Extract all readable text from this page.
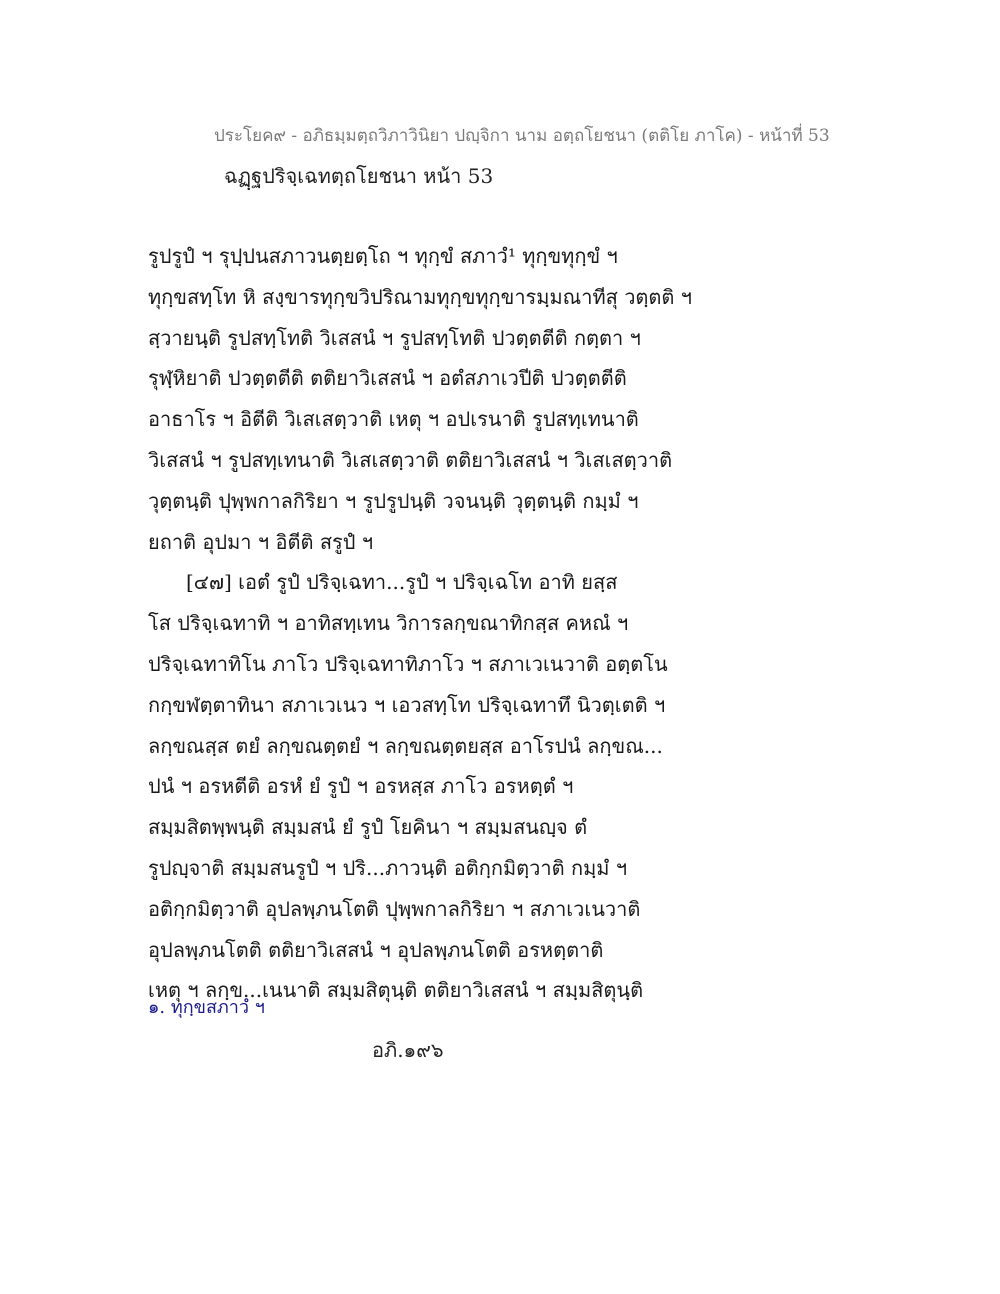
ประโยค๙ - อภิธมฺมตฺถวิภาวินิยา ปญฺจิกา นาม อตฺถโยชนา (ตติโย ภาโค) - หน้าที่ 53
ฉฏฺฐปริจฺเฉทตฺถโยชนา หน้า 53
รูปรูปํ ฯ รุปฺปนสภาวนตฺยตฺโถ ฯ ทุกฺขํ สภาวํ¹ ทุกฺขทุกฺขํ ฯ
ทุกฺขสทฺโท หิ สงฺขารทุกฺขวิปริณามทุกฺขทุกฺขารมฺมณาทีสุ วตฺตติ ฯ
สฺวายนฺติ รูปสทฺโทติ วิเสสนํ ฯ รูปสทฺโทติ ปวตฺตตีติ กตฺตา ฯ
รุฬฺหิยาติ ปวตฺตตีติ ตติยาวิเสสนํ ฯ อตํสภาเวปีติ ปวตฺตตีติ
อาธาโร ฯ อิตีติ วิเสเสตฺวาติ เหตุ ฯ อปเรนาติ รูปสทฺเทนาติ
วิเสสนํ ฯ รูปสทฺเทนาติ วิเสเสตฺวาติ ตติยาวิเสสนํ ฯ วิเสเสตฺวาติ
วุตฺตนฺติ ปุพฺพกาลกิริยา ฯ รูปรูปนฺติ วจนนฺติ วุตฺตนฺติ กมฺมํ ฯ
ยถาติ อุปมา ฯ อิตีติ สรูปํ ฯ
[๔๗] เอตํ รูปํ ปริจฺเฉทา...รูปํ ฯ ปริจฺเฉโท อาทิ ยสฺส
โส ปริจฺเฉทาทิ ฯ อาทิสทฺเทน วิการลกฺขณาทิกสฺส คหณํ ฯ
ปริจฺเฉทาทิโน ภาโว ปริจฺเฉทาทิภาโว ฯ สภาเวเนวาติ อตฺตโน
กกฺขฬตฺตาทินา สภาเวเนว ฯ เอวสทฺโท ปริจฺเฉทาทึ นิวตฺเตติ ฯ
ลกฺขณสฺส ตยํ ลกฺขณตฺตยํ ฯ ลกฺขณตฺตยสฺส อาโรปนํ ลกฺขณ...
ปนํ ฯ อรหตีติ อรหํ ยํ รูปํ ฯ อรหสฺส ภาโว อรหตฺตํ ฯ
สมฺมสิตพฺพนฺติ สมฺมสนํ ยํ รูปํ โยคินา ฯ สมฺมสนญฺจ ตํ
รูปญฺจาติ สมฺมสนรูปํ ฯ ปริ...ภาวนฺติ อติกฺกมิตฺวาติ กมฺมํ ฯ
อติกฺกมิตฺวาติ อุปลพฺภนโตติ ปุพฺพกาลกิริยา ฯ สภาเวเนวาติ
อุปลพฺภนโตติ ตติยาวิเสสนํ ฯ อุปลพฺภนโตติ อรหตฺตาติ
เหตุ ฯ ลกฺข...เนนาติ สมฺมสิตุนฺติ ตติยาวิเสสนํ ฯ สมฺมสิตุนฺติ
๑. ทุกฺขสภาวํ ฯ
อภิ.๑๙๖
